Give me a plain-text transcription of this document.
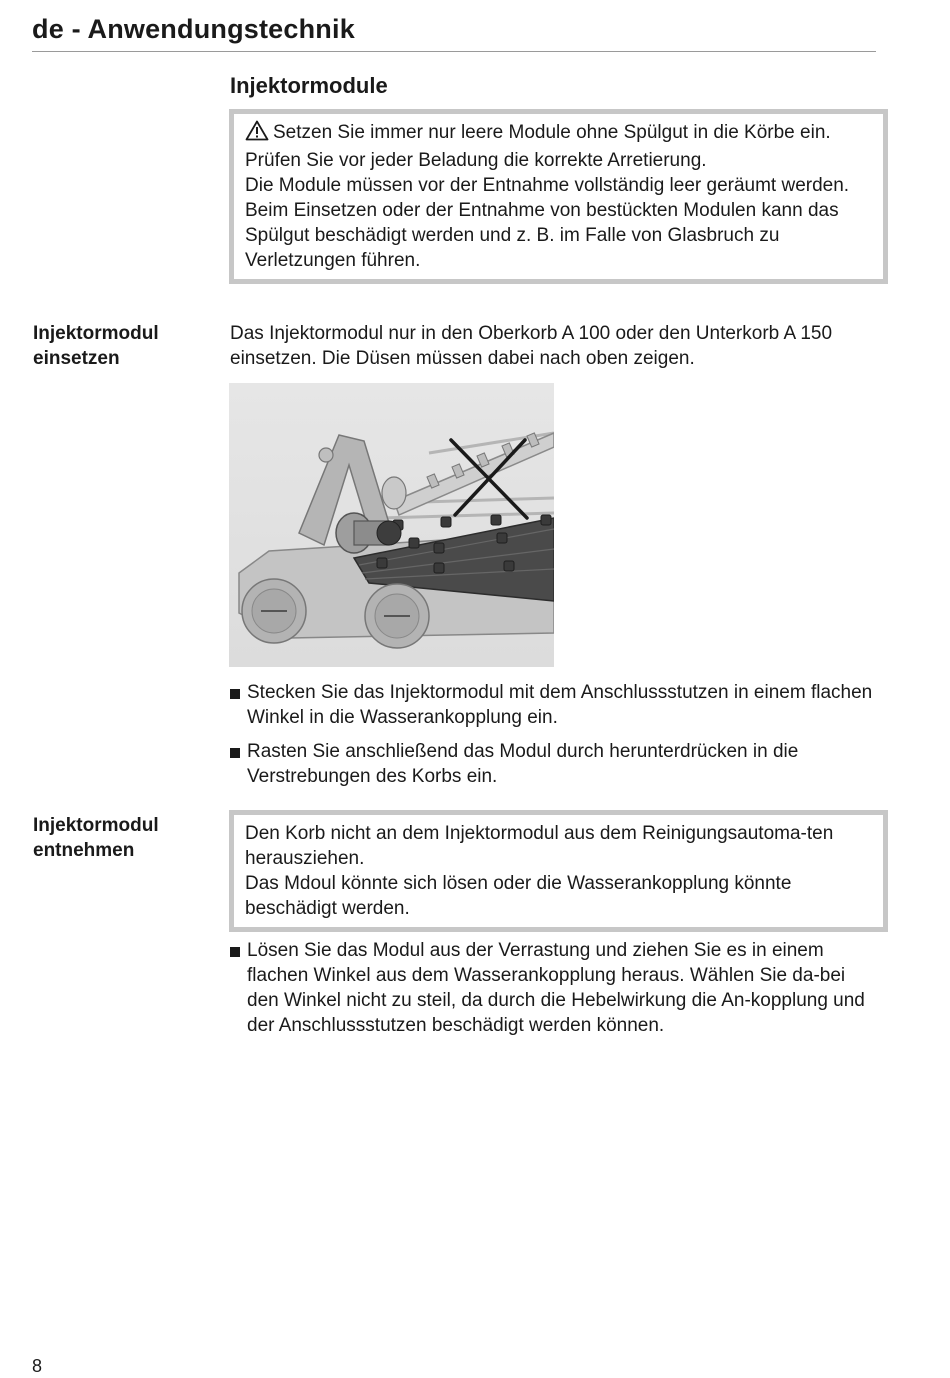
de - Anwendungstechnik
Injektormodule

Setzen Sie immer nur leere Module ohne Spülgut in die Körbe ein. Prüfen Sie vor jeder Beladung die korrekte Arretierung.

Die Module müssen vor der Entnahme vollständig leer geräumt werden.

Beim Einsetzen oder der Entnahme von bestückten Modulen kann das Spülgut beschädigt werden und z. B. im Falle von Glasbruch zu Verletzungen führen.

Injektormodul
einsetzen
Das Injektormodul nur in den Oberkorb A 100 oder den Unterkorb A 150 einsetzen. Die Düsen müssen dabei nach oben zeigen.
Stecken Sie das Injektormodul mit dem Anschlussstutzen in einem flachen Winkel in die Wasserankopplung ein.
Rasten Sie anschließend das Modul durch herunterdrücken in die Verstrebungen des Korbs ein.
Injektormodul
entnehmen

Den Korb nicht an dem Injektormodul aus dem Reinigungsautoma-ten herausziehen.

Das Mdoul könnte sich lösen oder die Wasserankopplung könnte beschädigt werden.

Lösen Sie das Modul aus der Verrastung und ziehen Sie es in einem flachen Winkel aus dem Wasserankopplung heraus. Wählen Sie da-bei den Winkel nicht zu steil, da durch die Hebelwirkung die An-kopplung und der Anschlussstutzen beschädigt werden können.
8
